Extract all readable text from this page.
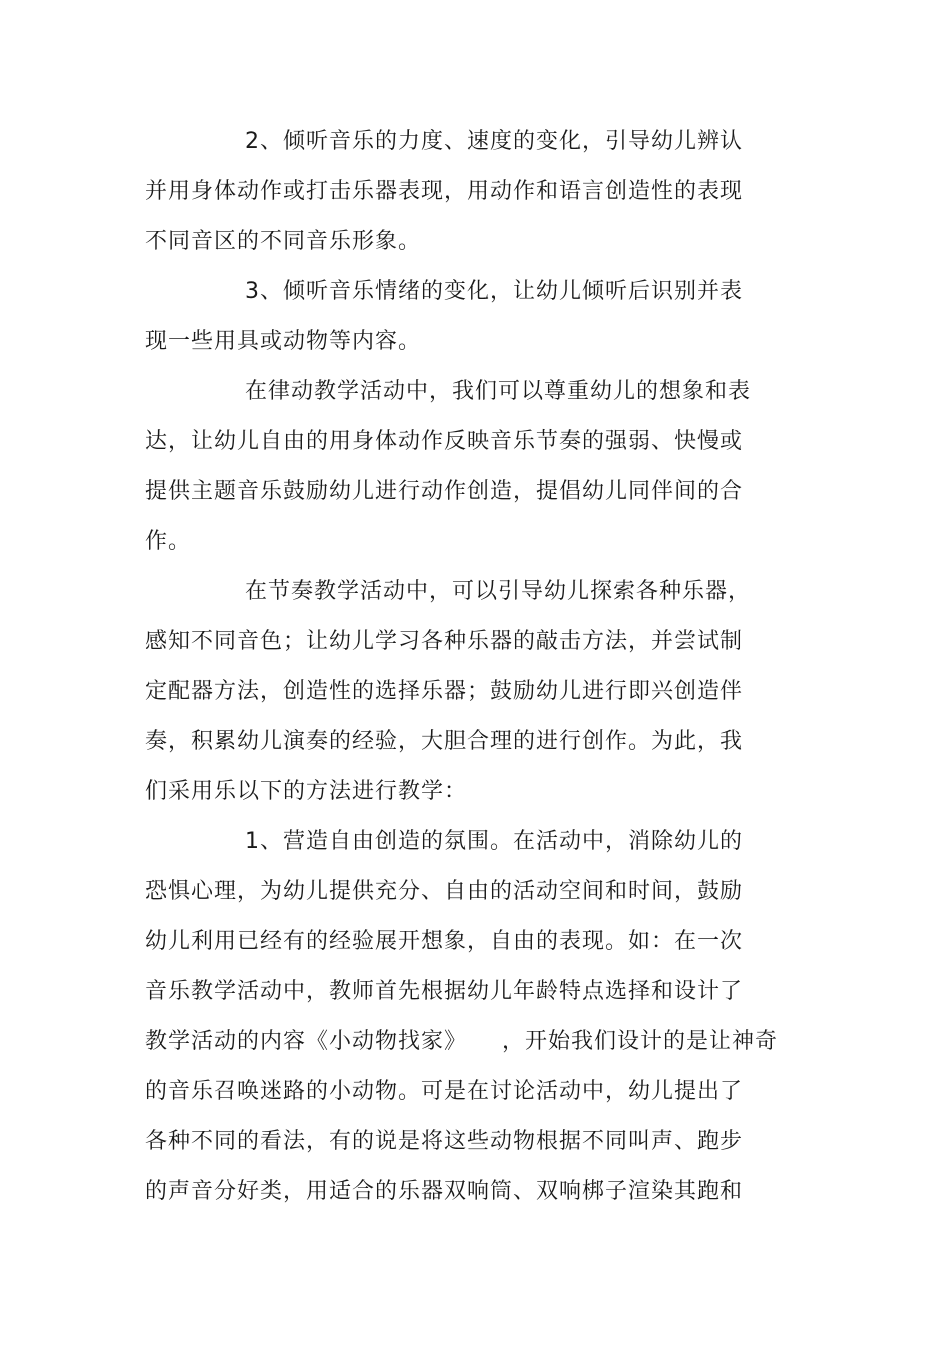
2、倾听音乐的力度、速度的变化，引导幼儿辨认
并用身体动作或打击乐器表现，用动作和语言创造性的表现
不同音区的不同音乐形象。
3、倾听音乐情绪的变化，让幼儿倾听后识别并表
现一些用具或动物等内容。
在律动教学活动中，我们可以尊重幼儿的想象和表
达，让幼儿自由的用身体动作反映音乐节奏的强弱、快慢或
提供主题音乐鼓励幼儿进行动作创造，提倡幼儿同伴间的合
作。
在节奏教学活动中，可以引导幼儿探索各种乐器，
感知不同音色；让幼儿学习各种乐器的敲击方法，并尝试制
定配器方法，创造性的选择乐器；鼓励幼儿进行即兴创造伴
奏，积累幼儿演奏的经验，大胆合理的进行创作。为此，我
们采用乐以下的方法进行教学：
1、营造自由创造的氛围。在活动中，消除幼儿的
恐惧心理，为幼儿提供充分、自由的活动空间和时间，鼓励
幼儿利用已经有的经验展开想象，自由的表现。如：在一次
音乐教学活动中，教师首先根据幼儿年龄特点选择和设计了
教学活动的内容《小动物找家》　　，开始我们设计的是让神奇
的音乐召唤迷路的小动物。可是在讨论活动中，幼儿提出了
各种不同的看法，有的说是将这些动物根据不同叫声、跑步
的声音分好类，用适合的乐器双响筒、双响梆子渲染其跑和
